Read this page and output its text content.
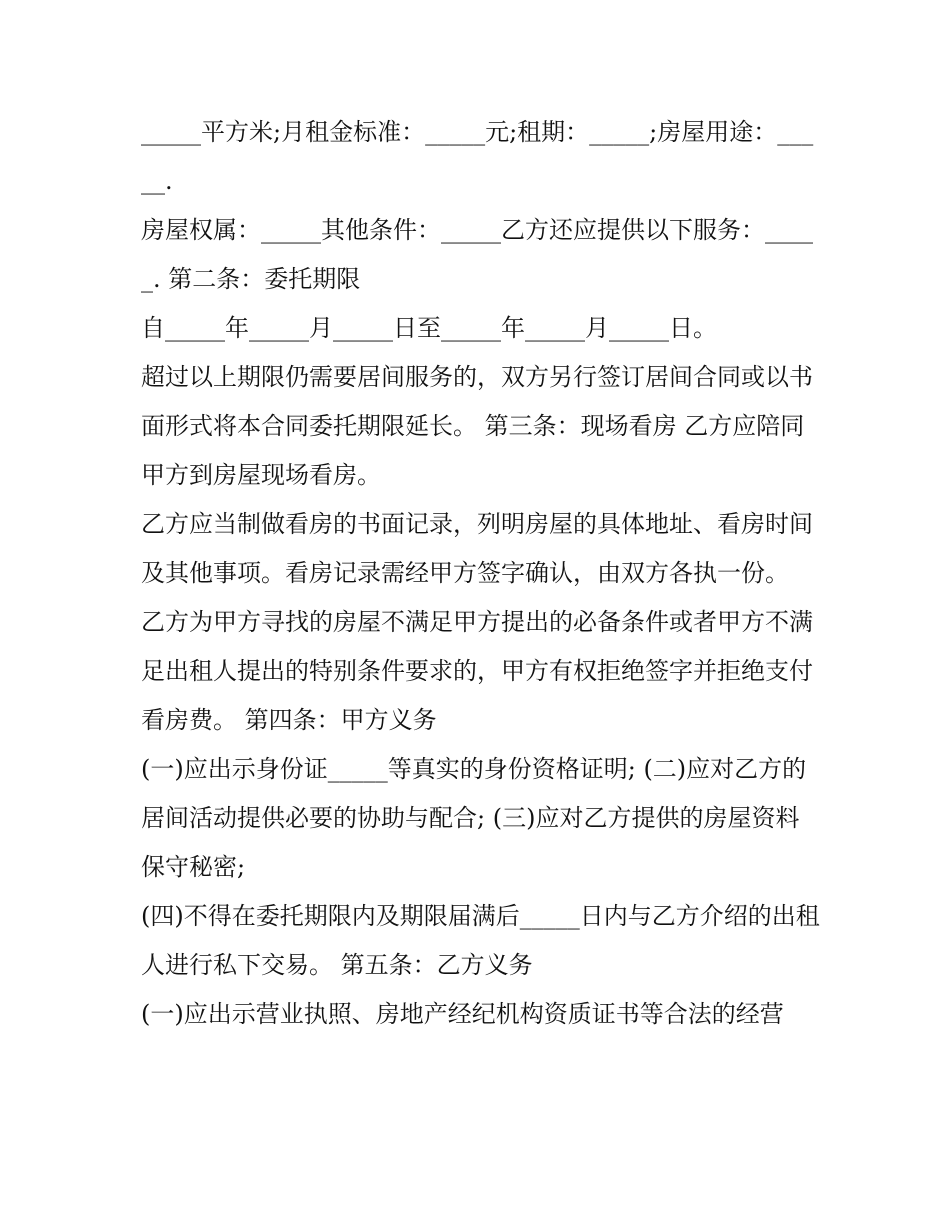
_____平方米;月租金标准：_____元;租期：_____;房屋用途：_____.

房屋权属：_____其他条件：_____乙方还应提供以下服务：_____. 第二条：委托期限

自_____年_____月_____日至_____年_____月_____日。

超过以上期限仍需要居间服务的，双方另行签订居间合同或以书面形式将本合同委托期限延长。 第三条：现场看房 乙方应陪同甲方到房屋现场看房。

乙方应当制做看房的书面记录，列明房屋的具体地址、看房时间及其他事项。看房记录需经甲方签字确认，由双方各执一份。

乙方为甲方寻找的房屋不满足甲方提出的必备条件或者甲方不满足出租人提出的特别条件要求的，甲方有权拒绝签字并拒绝支付看房费。 第四条：甲方义务

(一)应出示身份证_____等真实的身份资格证明; (二)应对乙方的居间活动提供必要的协助与配合; (三)应对乙方提供的房屋资料保守秘密;

(四)不得在委托期限内及期限届满后_____日内与乙方介绍的出租人进行私下交易。 第五条：乙方义务

(一)应出示营业执照、房地产经纪机构资质证书等合法的经营
